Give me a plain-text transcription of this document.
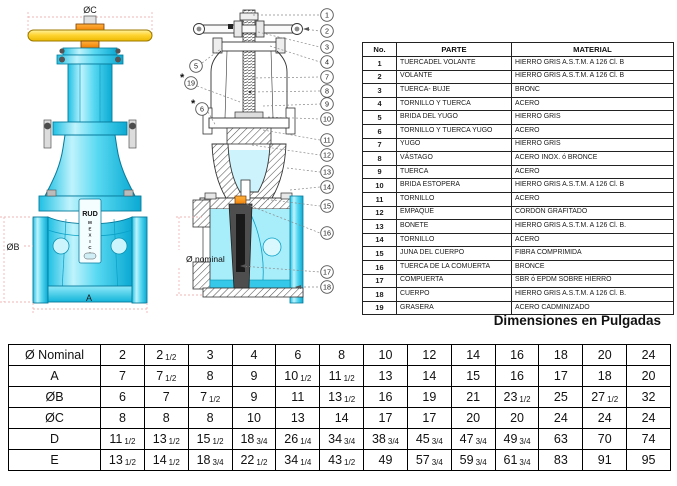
ØC
RUD
M
E
X
I
C
ØB
A
Ø nominal
1
2
3
4
7
8
9
10
11
12
13
14
15
16
17
18
5
* 19
* 6
No.	PARTE	MATERIAL
1	TUERCADEL VOLANTE	HIERRO GRIS A.S.T.M. A 126 Cl. B
2	VOLANTE	HIERRO GRIS A.S.T.M. A 126 Cl. B
3	TUERCA- BUJE	BRONC
4	TORNILLO Y TUERCA	ACERO
5	BRIDA DEL YUGO	HIERRO GRIS
6	TORNILLO Y TUERCA YUGO	ACERO
7	YUGO	HIERRO GRIS
8	VÁSTAGO	ACERO INOX. ó BRONCE
9	TUERCA	ACERO
10	BRIDA ESTOPERA	HIERRO GRIS A.S.T.M. A 126 Cl. B
11	TORNILLO	ACERO
12	EMPAQUE	CORDÓN GRAFITADO
13	BONETE	HIERRO GRIS A.S.T.M. A 126 Cl. B.
14	TORNILLO	ACERO
15	JUNA DEL CUERPO	FIBRA COMPRIMIDA
16	TUERCA DE LA COMUERTA	BRONCE
17	COMPUERTA	SBR ó EPDM SOBRE HIERRO
18	CUERPO	HIERRO GRIS A.S.T.M. A 126 Cl. B.
19	GRASERA	ACERO CADMINIZADO
Dimensiones en Pulgadas
Ø Nominal	2	2 1/2	3	4	6	8	10	12	14	16	18	20	24
A	7	7 1/2	8	9	10 1/2	11 1/2	13	14	15	16	17	18	20
ØB	6	7	7 1/2	9	11	13 1/2	16	19	21	23 1/2	25	27 1/2	32
ØC	8	8	8	10	13	14	17	17	20	20	24	24	24
D	11 1/2	13 1/2	15 1/2	18 3/4	26 1/4	34 3/4	38 3/4	45 3/4	47 3/4	49 3/4	63	70	74
E	13 1/2	14 1/2	18 3/4	22 1/2	34 1/4	43 1/2	49	57 3/4	59 3/4	61 3/4	83	91	95
